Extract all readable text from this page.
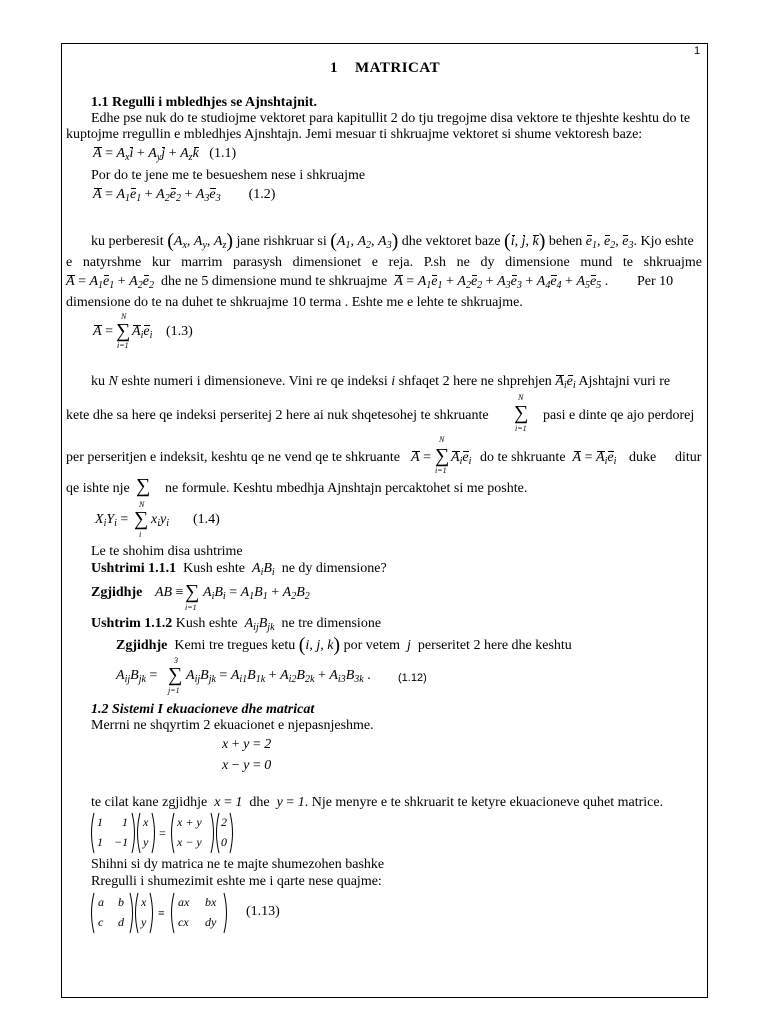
1
1 MATRICAT
1.1 Regulli i mbledhjes se Ajnshtajnit.
Edhe pse nuk do te studiojme vektoret para kapitullit 2 do tju tregojme disa vektore te thjeshte keshtu do te
kuptojme rregullin e mbledhjes Ajnshtajn. Jemi mesuar ti shkruajme vektoret si shume vektoresh baze:
$A = A_xi + A_yj + A_zk$ (1.1)
Por do te jene me te besueshem nese i shkruajme
$A = A_1e_1 + A_2e_2 + A_3e_3$ (1.2)
ku perberesit ($A_x$, $A_y$, $A_z$) jane rishkruar si ($A_1$, $A_2$, $A_3$) dhe vektoret baze (i, j, k) behen $e_1$, $e_2$, $e_3$. Kjo eshte
e natyrshme kur marrim parasysh dimensionet e reja. P.sh ne dy dimensione mund te shkruajme
$A = A_1e_1 + A_2e_2$ dhe ne 5 dimensione mund te shkruajme $A = A_1e_1 + A_2e_2 + A_3e_3 + A_4e_4 + A_5e_5$ . Per 10
dimensione do te na duhet te shkruajme 10 terma . Eshte me e lehte te shkruajme.
A =
N
∑
i=1
$A_ie_i$ (1.3)
ku N eshte numeri i dimensioneve. Vini re qe indeksi i shfaqet 2 here ne shprehjen $A_ie_i$ Ajshtajni vuri re
kete dhe sa here qe indeksi perseritej 2 here ai nuk shqetesohej te shkruante
N
∑
i=1
pasi e dinte qe ajo perdorej
per perseritjen e indeksit, keshtu qe ne vend qe te shkruante A =
N
∑
i=1
$A_ie_i$ do te shkruante $A = A_ie_i$ duke ditur
qe ishte nje ∑ ne formule. Keshtu mbedhja Ajnshtajn percaktohet si me poshte.
$X_iY_i$ =
N
∑
i
$x_iy_i$ (1.4)
Le te shohim disa ushtrime
Ushtrimi 1.1.1 Kush eshte $A_iB_i$ ne dy dimensione?
Zgjidhje AB ≡ ∑
i=1
$A_iB_i = A_1B_1 + A_2B_2$
Ushtrim 1.1.2 Kush eshte $A_{ij}B_{jk}$ ne tre dimensione
Zgjidhje Kemi tre tregues ketu (i, j, k) por vetem  j  perseritet 2 here dhe keshtu
$A_{ij}B_{jk}$ =
3
∑
j=1
$A_{ij}B_{jk} = A_{i1}B_{1k} + A_{i2}B_{2k} + A_{i3}B_{3k}$ . (1.12)
1.2 Sistemi I ekuacioneve dhe matricat
Merrni ne shqyrtim 2 ekuacionet e njepasnjeshme.
x + y = 2
x − y = 0
te cilat kane zgjidhje x = 1 dhe y = 1. Nje menyre e te shkruarit te ketyre ekuacioneve quhet matrice.
1 1
1 −1
x
y
=
x + y
x − y
2
0
Shihni si dy matrica ne te majte shumezohen bashke
Rregulli i shumezimit eshte me i qarte nese quajme:
a b
c d
x
y
≡
ax bx
cx dy
(1.13)
